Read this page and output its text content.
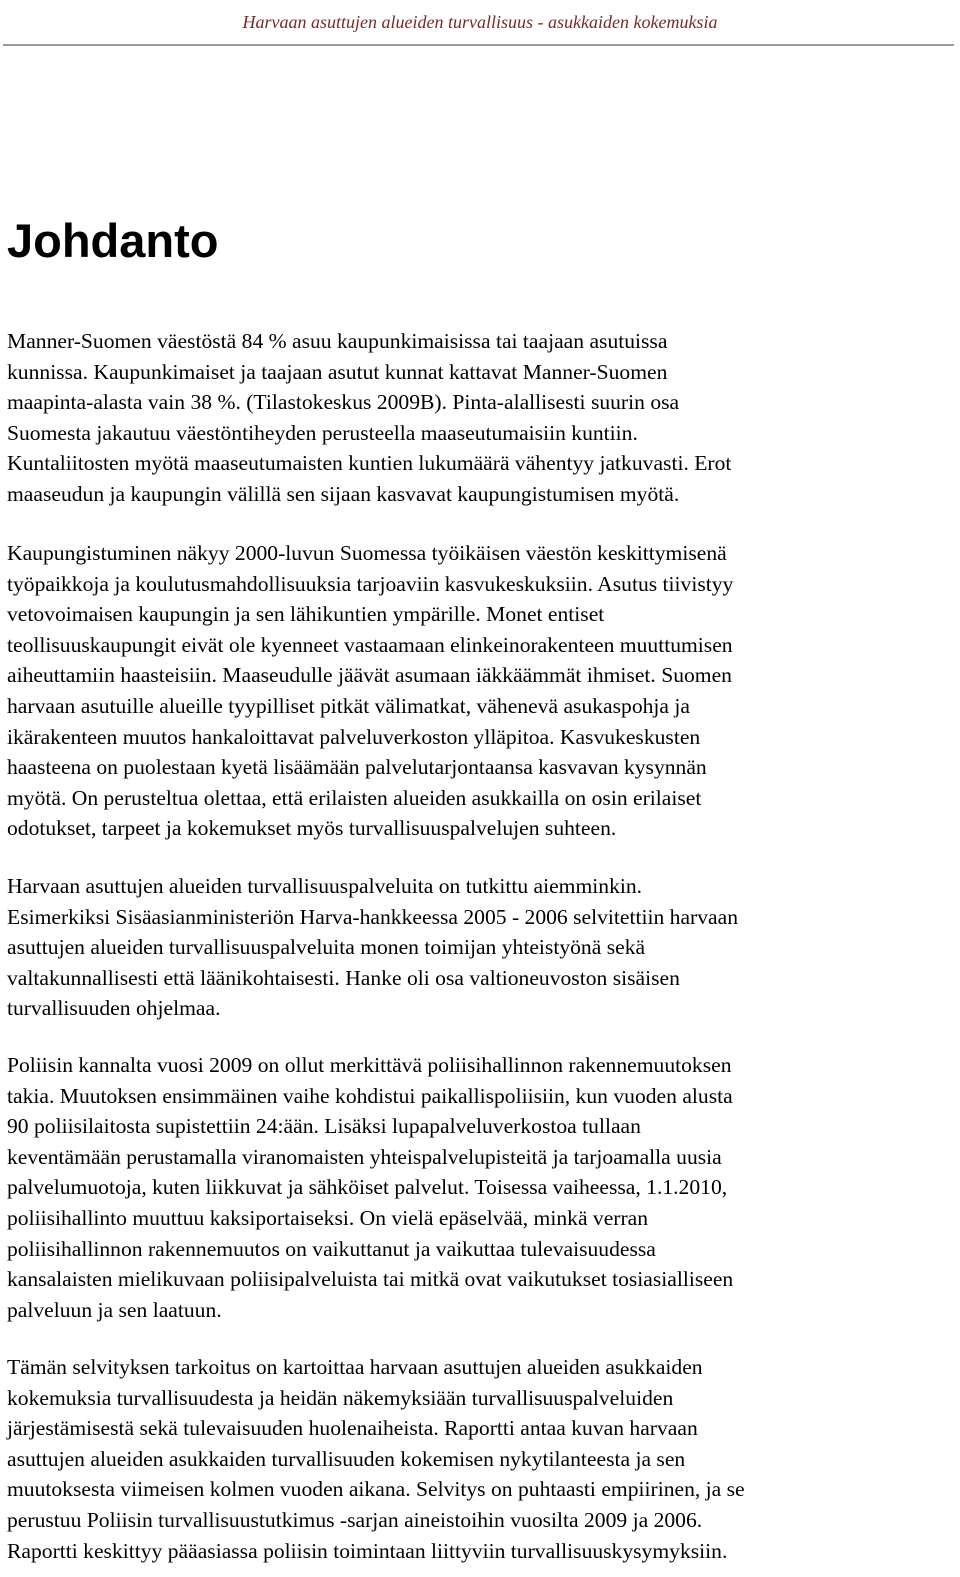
Harvaan asuttujen alueiden turvallisuus - asukkaiden kokemuksia
Johdanto

Manner-Suomen väestöstä 84 % asuu kaupunkimaisissa tai taajaan asutuissa
kunnissa. Kaupunkimaiset ja taajaan asutut kunnat kattavat Manner-Suomen
maapinta-alasta vain 38 %. (Tilastokeskus 2009B). Pinta-alallisesti suurin osa
Suomesta jakautuu väestöntiheyden perusteella maaseutumaisiin kuntiin.
Kuntaliitosten myötä maaseutumaisten kuntien lukumäärä vähentyy jatkuvasti. Erot
maaseudun ja kaupungin välillä sen sijaan kasvavat kaupungistumisen myötä.

Kaupungistuminen näkyy 2000-luvun Suomessa työikäisen väestön keskittymisenä
työpaikkoja ja koulutusmahdollisuuksia tarjoaviin kasvukeskuksiin. Asutus tiivistyy
vetovoimaisen kaupungin ja sen lähikuntien ympärille. Monet entiset
teollisuuskaupungit eivät ole kyenneet vastaamaan elinkeinorakenteen muuttumisen
aiheuttamiin haasteisiin. Maaseudulle jäävät asumaan iäkkäämmät ihmiset. Suomen
harvaan asutuille alueille tyypilliset pitkät välimatkat, vähenevä asukaspohja ja
ikärakenteen muutos hankaloittavat palveluverkoston ylläpitoa. Kasvukeskusten
haasteena on puolestaan kyetä lisäämään palvelutarjontaansa kasvavan kysynnän
myötä. On perusteltua olettaa, että erilaisten alueiden asukkailla on osin erilaiset
odotukset, tarpeet ja kokemukset myös turvallisuuspalvelujen suhteen.

Harvaan asuttujen alueiden turvallisuuspalveluita on tutkittu aiemminkin.
Esimerkiksi Sisäasianministeriön Harva-hankkeessa 2005 - 2006 selvitettiin harvaan
asuttujen alueiden turvallisuuspalveluita monen toimijan yhteistyönä sekä
valtakunnallisesti että läänikohtaisesti. Hanke oli osa valtioneuvoston sisäisen
turvallisuuden ohjelmaa.

Poliisin kannalta vuosi 2009 on ollut merkittävä poliisihallinnon rakennemuutoksen
takia. Muutoksen ensimmäinen vaihe kohdistui paikallispoliisiin, kun vuoden alusta
90 poliisilaitosta supistettiin 24:ään. Lisäksi lupapalveluverkostoa tullaan
keventämään perustamalla viranomaisten yhteispalvelupisteitä ja tarjoamalla uusia
palvelumuotoja, kuten liikkuvat ja sähköiset palvelut. Toisessa vaiheessa, 1.1.2010,
poliisihallinto muuttuu kaksiportaiseksi. On vielä epäselvää, minkä verran
poliisihallinnon rakennemuutos on vaikuttanut ja vaikuttaa tulevaisuudessa
kansalaisten mielikuvaan poliisipalveluista tai mitkä ovat vaikutukset tosiasialliseen
palveluun ja sen laatuun.

Tämän selvityksen tarkoitus on kartoittaa harvaan asuttujen alueiden asukkaiden
kokemuksia turvallisuudesta ja heidän näkemyksiään turvallisuuspalveluiden
järjestämisestä sekä tulevaisuuden huolenaiheista. Raportti antaa kuvan harvaan
asuttujen alueiden asukkaiden turvallisuuden kokemisen nykytilanteesta ja sen
muutoksesta viimeisen kolmen vuoden aikana. Selvitys on puhtaasti empiirinen, ja se
perustuu Poliisin turvallisuustutkimus -sarjan aineistoihin vuosilta 2009 ja 2006.
Raportti keskittyy pääasiassa poliisin toimintaan liittyviin turvallisuuskysymyksiin.
